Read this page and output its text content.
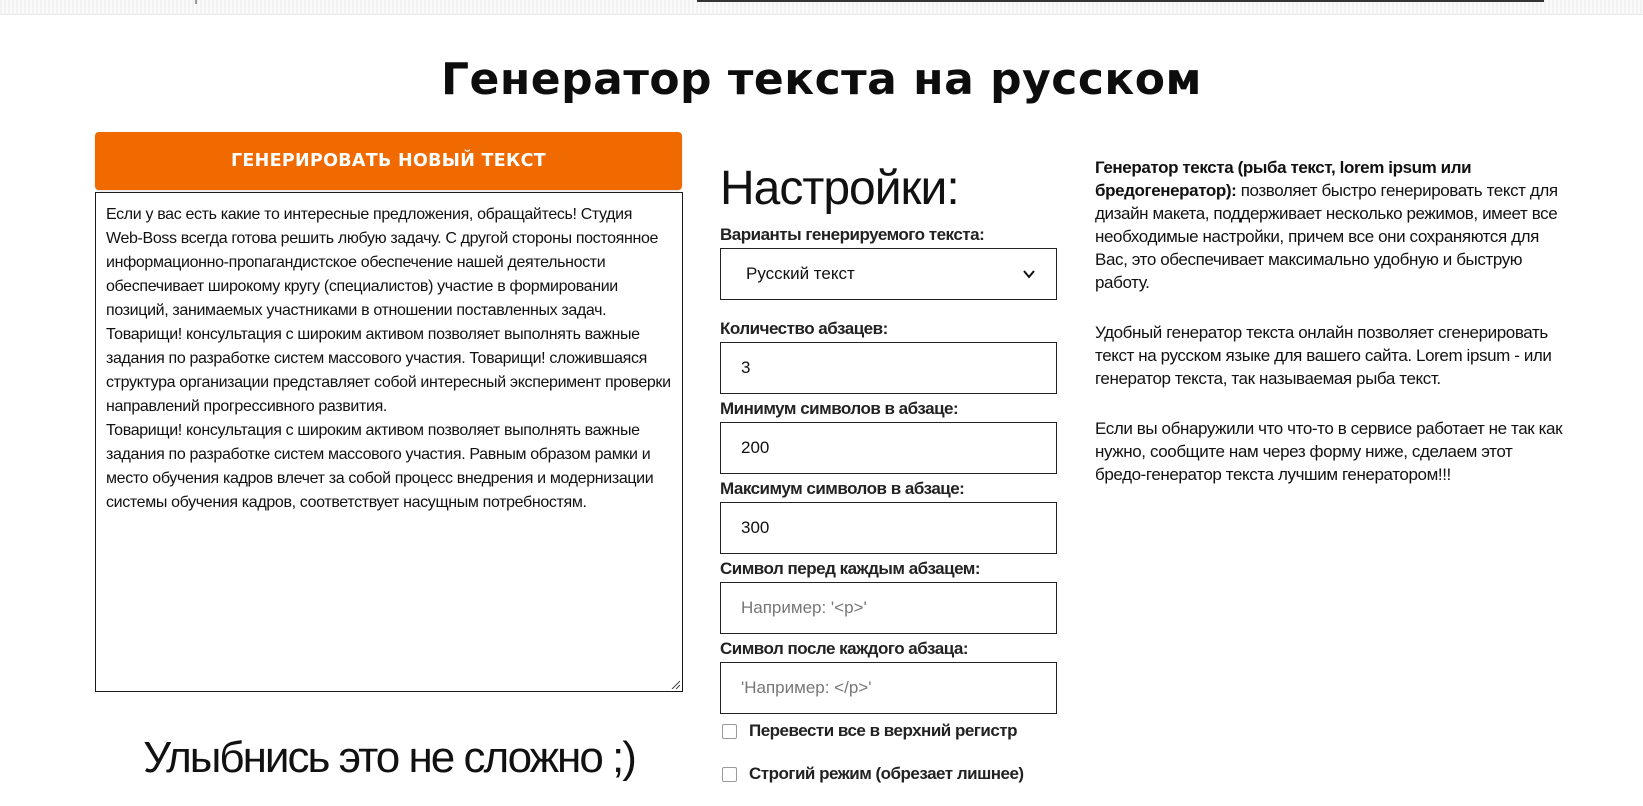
Генератор текста на русском
ГЕНЕРИРОВАТЬ НОВЫЙ ТЕКСТ

Если у вас есть какие то интересные предложения, обращайтесь! Студия Web-Boss всегда готова решить любую задачу. С другой стороны постоянное информационно-пропагандистское обеспечение нашей деятельности обеспечивает широкому кругу (специалистов) участие в формировании позиций, занимаемых участниками в отношении поставленных задач.

Товарищи! консультация с широким активом позволяет выполнять важные задания по разработке систем массового участия. Товарищи! сложившаяся структура организации представляет собой интересный эксперимент проверки направлений прогрессивного развития.

Товарищи! консультация с широким активом позволяет выполнять важные задания по разработке систем массового участия. Равным образом рамки и место обучения кадров влечет за собой процесс внедрения и модернизации системы обучения кадров, соответствует насущным потребностям.

Улыбнись это не сложно ;)

Настройки:
Варианты генерируемого текста:
Русский текст
Количество абзацев:
3
Минимум символов в абзаце:
200
Максимум символов в абзаце:
300
Символ перед каждым абзацем:
Например: '<p>'
Символ после каждого абзаца:
'Например: </p>'
Перевести все в верхний регистр
Строгий режим (обрезает лишнее)

Генератор текста (рыба текст, lorem ipsum или бредогенератор): позволяет быстро генерировать текст для дизайн макета, поддерживает несколько режимов, имеет все необходимые настройки, причем все они сохраняются для Вас, это обеспечивает максимально удобную и быструю работу.

Удобный генератор текста онлайн позволяет сгенерировать текст на русском языке для вашего сайта. Lorem ipsum - или генератор текста, так называемая рыба текст.

Если вы обнаружили что что-то в сервисе работает не так как нужно, сообщите нам через форму ниже, сделаем этот бредо-генератор текста лучшим генератором!!!
